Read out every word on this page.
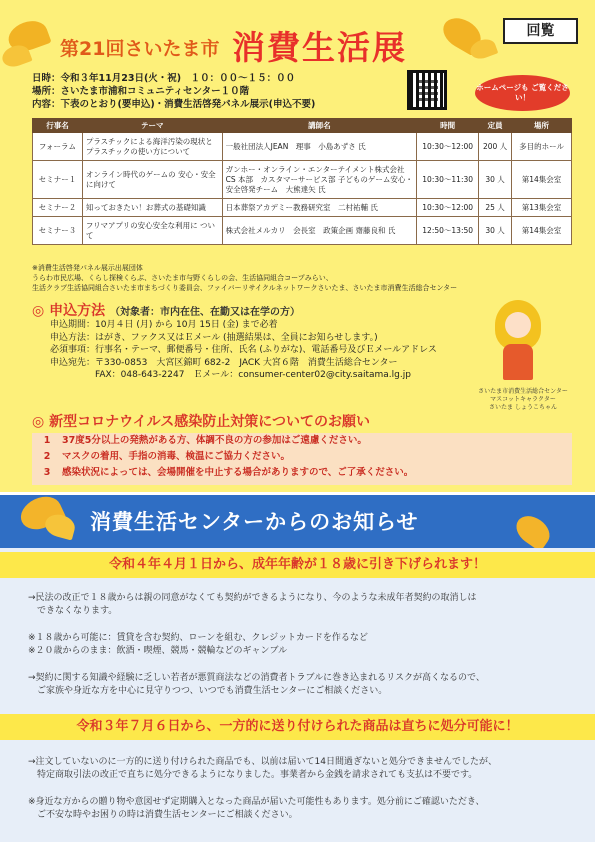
第21回さいたま市 消費生活展	回覧
日時：令和３年11月23日(火・祝)　１０：００～１５：００
場所：さいたま市浦和コミュニティセンター１０階
内容：下表のとおり(要申込)・消費生活啓発パネル展示(申込不要)
ホームページも ご覧ください！
行事名	テーマ	講師名	時間	定員	場所
フォーラム	プラスチックによる海洋汚染の現状と プラスチックの使い方について	一般社団法人JEAN　理事　小島あずさ 氏	10:30～12:00	200 人	多目的ホール
セミナー１	オンライン時代のゲームの 安心・安全に向けて	ガンホー・オンライン・エンターテイメント株式会社 CS 本部　カスタマーサービス部 子どものゲーム安心・安全啓発チーム　大熊達矢 氏	10:30～11:30	30 人	第14集会室
セミナー２	知っておきたい！お葬式の基礎知識	日本葬祭アカデミー教務研究室　二村祐輔 氏	10:30～12:00	25 人	第13集会室
セミナー３	フリマアプリの安心安全な利用に ついて	株式会社メルカリ　会長室　政策企画 齋藤良和 氏	12:50～13:50	30 人	第14集会室
※消費生活啓発パネル展示出展団体
うらわ市民広場、くらし探検くらぶ、さいたま市与野くらしの会、生活協同組合コープみらい、
生活クラブ生活協同組合さいたま市まちづくり委員会、ファイバーリサイクルネットワークさいたま、さいたま市消費生活総合センター
◎ 申込方法 （対象者：市内在住、在勤又は在学の方）
申込期間：10月４日 (月) から 10月 15日 (金) まで必着
申込方法：はがき、ファクス又はＥメール (抽選結果は、全員にお知らせします。)
必須事項：行事名・テーマ、郵便番号・住所、氏名 (ふりがな)、電話番号及びＥメールアドレス
申込宛先：〒330-0853　大宮区錦町 682-2　JACK 大宮６階　消費生活総合センター
FAX：048-643-2247　Ｅメール：consumer-center02@city.saitama.lg.jp
さいたま市消費生活総合センター
マスコットキャラクター
さいたま しょうこちゃん
◎ 新型コロナウイルス感染防止対策についてのお願い
1	37度5分以上の発熱がある方、体調不良の方の参加はご遠慮ください。
2	マスクの着用、手指の消毒、検温にご協力ください。
3	感染状況によっては、会場開催を中止する場合がありますので、ご了承ください。
消費生活センターからのお知らせ
令和４年４月１日から、成年年齢が１８歳に引き下げられます！
→民法の改正で１８歳からは親の同意がなくても契約ができるようになり、今のような未成年者契約の取消しは
　できなくなります。
※１８歳から可能に：賃貸を含む契約、ローンを組む、クレジットカードを作るなど
※２０歳からのまま：飲酒・喫煙、競馬・競輪などのギャンブル
→契約に関する知識や経験に乏しい若者が悪質商法などの消費者トラブルに巻き込まれるリスクが高くなるので、
　ご家族や身近な方を中心に見守りつつ、いつでも消費生活センターにご相談ください。
令和３年７月６日から、一方的に送り付けられた商品は直ちに処分可能に！
→注文していないのに一方的に送り付けられた商品でも、以前は届いて14日間過ぎないと処分できませんでしたが、
　特定商取引法の改正で直ちに処分できるようになりました。事業者から金銭を請求されても支払は不要です。
※身近な方からの贈り物や意図せず定期購入となった商品が届いた可能性もあります。処分前にご確認いただき、
　ご不安な時やお困りの時は消費生活センターにご相談ください。
